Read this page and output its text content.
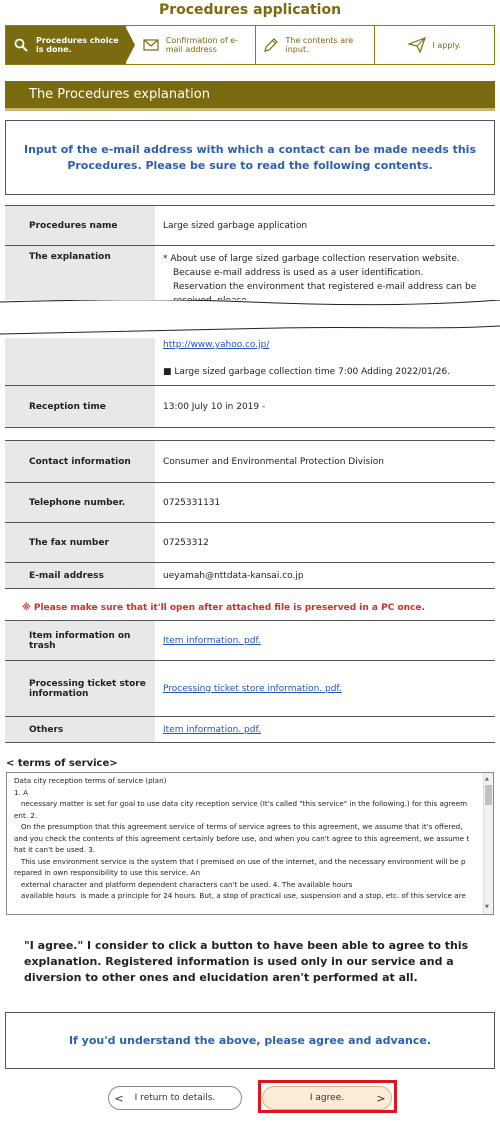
Procedures application
Procedures choice is done.
Confirmation of e-mail address
The contents are input.	I apply.
The Procedures explanation
Input of the e-mail address with which a contact can be made needs this Procedures. Please be sure to read the following contents.
Procedures name	Large sized garbage application
The explanation	* About use of large sized garbage collection reservation website.
Because e-mail address is used as a user identification.
Reservation the environment that registered e-mail address can be

	http://www.yahoo.co.jp/
■ Large sized garbage collection time 7:00 Adding 2022/01/26.

Reception time	13:00 July 10 in 2019 -
Contact information	Consumer and Environmental Protection Division
Telephone number.	0725331131
The fax number	07253312
E-mail address	ueyamah@nttdata-kansai.co.jp
※ Please make sure that it'll open after attached file is preserved in a PC once.
Item information on trash	Item information. pdf.
Processing ticket store information	Processing ticket store information. pdf.
Others	Item information. pdf.
< terms of service>
Data city reception terms of service (plan)
1. A
necessary matter is set for goal to use data city reception service (It's called "this service" in the following.) for this agreem
ent. 2.
On the presumption that this agreement service of terms of service agrees to this agreement, we assume that it's offered,
and you check the contents of this agreement certainly before use, and when you can't agree to this agreement, we assume t
hat it can't be used. 3.
This use environment service is the system that I premised on use of the internet, and the necessary environment will be p
repared in own responsibility to use this service. An
external character and platform dependent characters can't be used. 4. The available hours
available hours  is made a principle for 24 hours. But, a stop of practical use, suspension and a stop, etc. of this service are
▲
▼
"I agree." I consider to click a button to have been able to agree to this explanation. Registered information is used only in our service and a diversion to other ones and elucidation aren't performed at all.
If you'd understand the above, please agree and advance.
<	I return to details.	I agree.	>
